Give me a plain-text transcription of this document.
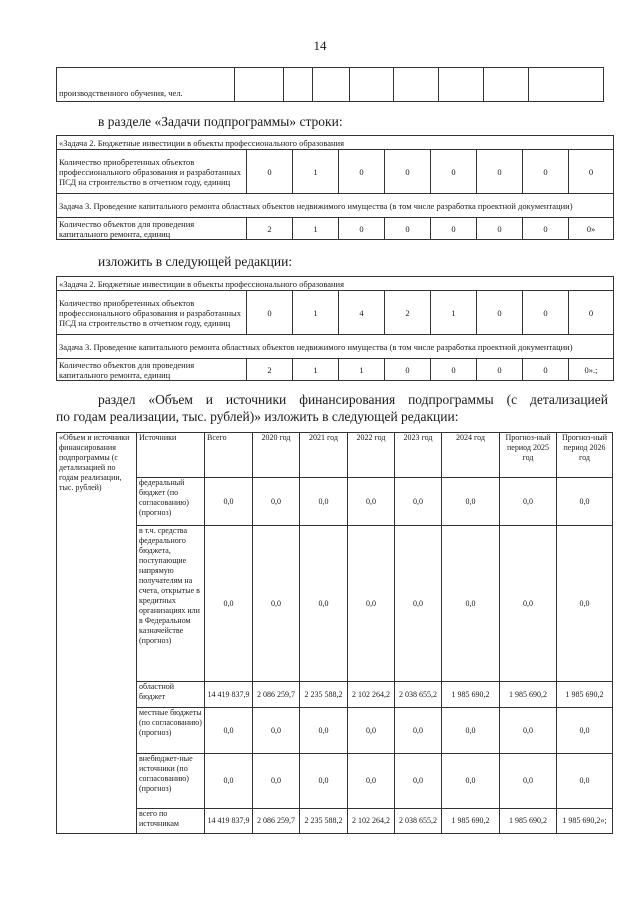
14
производственного обучения, чел.								
в разделе «Задачи подпрограммы» строки:
«Задача 2. Бюджетные инвестиции в объекты профессионального образования								
Количество приобретенных объектов профессионального образования и разработанных ПСД на строительство в отчетном году, единиц	0	1	0	0	0	0	0	0
Задача 3. Проведение капитального ремонта областных объектов недвижимого имущества (в том числе разработка проектной документации)								
Количество объектов для проведения капитального ремонта, единиц	2	1	0	0	0	0	0	0»
изложить в следующей редакции:
«Задача 2. Бюджетные инвестиции в объекты профессионального образования								
Количество приобретенных объектов профессионального образования и разработанных ПСД на строительство в отчетном году, единиц	0	1	4	2	1	0	0	0
Задача 3. Проведение капитального ремонта областных объектов недвижимого имущества (в том числе разработка проектной документации)								
Количество объектов для проведения капитального ремонта, единиц	2	1	1	0	0	0	0	0».;
раздел «Объем и источники финансирования подпрограммы (с детализацией
по годам реализации, тыс. рублей)» изложить в следующей редакции:
«Объем и источники финансирования подпрограммы (с детализацией по годам реализации, тыс. рублей)	Источники	Всего	2020 год	2021 год	2022 год	2023 год	2024 год	Прогноз-ный период 2025 год	Прогноз-ный период 2026 год
	федеральный бюджет (по согласованию) (прогноз)	0,0	0,0	0,0	0,0	0,0	0,0	0,0	0,0
	в т.ч. средства федерального бюджета, поступающие напрямую получателям на счета, открытые в кредитных организациях или в Федеральном казначействе (прогноз)	0,0	0,0	0,0	0,0	0,0	0,0	0,0	0,0
	областной бюджет	14 419 837,9	2 086 259,7	2 235 588,2	2 102 264,2	2 038 655,2	1 985 690,2	1 985 690,2	1 985 690,2
	местные бюджеты (по согласованию) (прогноз)	0,0	0,0	0,0	0,0	0,0	0,0	0,0	0,0
	внебюджет-ные источники (по согласованию) (прогноз)	0,0	0,0	0,0	0,0	0,0	0,0	0,0	0,0
	всего по источникам	14 419 837,9	2 086 259,7	2 235 588,2	2 102 264,2	2 038 655,2	1 985 690,2	1 985 690,2	1 985 690,2»;
